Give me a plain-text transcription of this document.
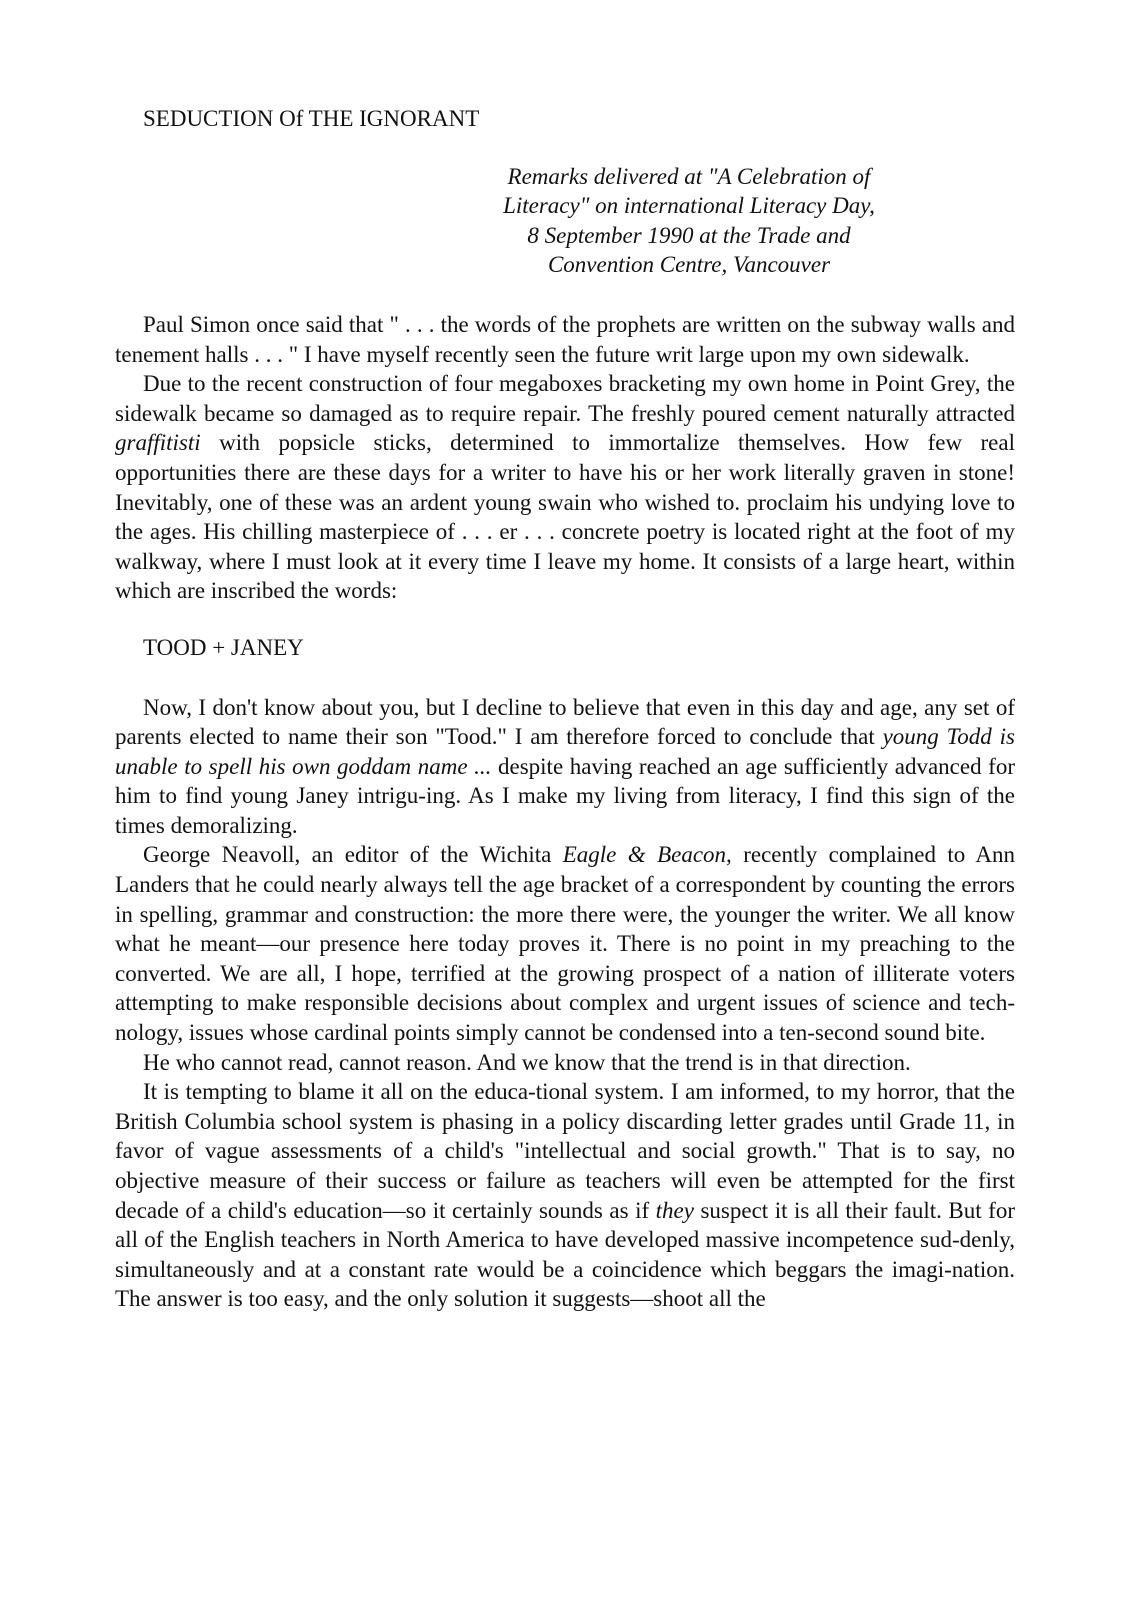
SEDUCTION Of THE IGNORANT
Remarks delivered at "A Celebration of
Literacy" on international Literacy Day,
8 September 1990 at the Trade and
Convention Centre, Vancouver

Paul Simon once said that " . . . the words of the prophets are written on the subway walls and tenement halls . . . " I have myself recently seen the future writ large upon my own sidewalk.

Due to the recent construction of four megaboxes bracketing my own home in Point Grey, the sidewalk became so damaged as to require repair. The freshly poured cement naturally attracted graffitisti with popsicle sticks, determined to immortalize themselves. How few real opportunities there are these days for a writer to have his or her work literally graven in stone! Inevitably, one of these was an ardent young swain who wished to. proclaim his undying love to the ages. His chilling masterpiece of . . . er . . . concrete poetry is located right at the foot of my walkway, where I must look at it every time I leave my home. It consists of a large heart, within which are inscribed the words:

TOOD + JANEY

Now, I don't know about you, but I decline to believe that even in this day and age, any set of parents elected to name their son "Tood." I am therefore forced to conclude that young Todd is unable to spell his own goddam name ... despite having reached an age sufficiently advanced for him to find young Janey intrigu-ing. As I make my living from literacy, I find this sign of the times demoralizing.

George Neavoll, an editor of the Wichita Eagle & Beacon, recently complained to Ann Landers that he could nearly always tell the age bracket of a correspondent by counting the errors in spelling, grammar and construction: the more there were, the younger the writer. We all know what he meant—our presence here today proves it. There is no point in my preaching to the converted. We are all, I hope, terrified at the growing prospect of a nation of illiterate voters attempting to make responsible decisions about complex and urgent issues of science and tech-nology, issues whose cardinal points simply cannot be condensed into a ten-second sound bite.

He who cannot read, cannot reason. And we know that the trend is in that direction.

It is tempting to blame it all on the educa-tional system. I am informed, to my horror, that the British Columbia school system is phasing in a policy discarding letter grades until Grade 11, in favor of vague assessments of a child's "intellectual and social growth." That is to say, no objective measure of their success or failure as teachers will even be attempted for the first decade of a child's education—so it certainly sounds as if they suspect it is all their fault. But for all of the English teachers in North America to have developed massive incompetence sud-denly, simultaneously and at a constant rate would be a coincidence which beggars the imagi-nation. The answer is too easy, and the only solution it suggests—shoot all the
